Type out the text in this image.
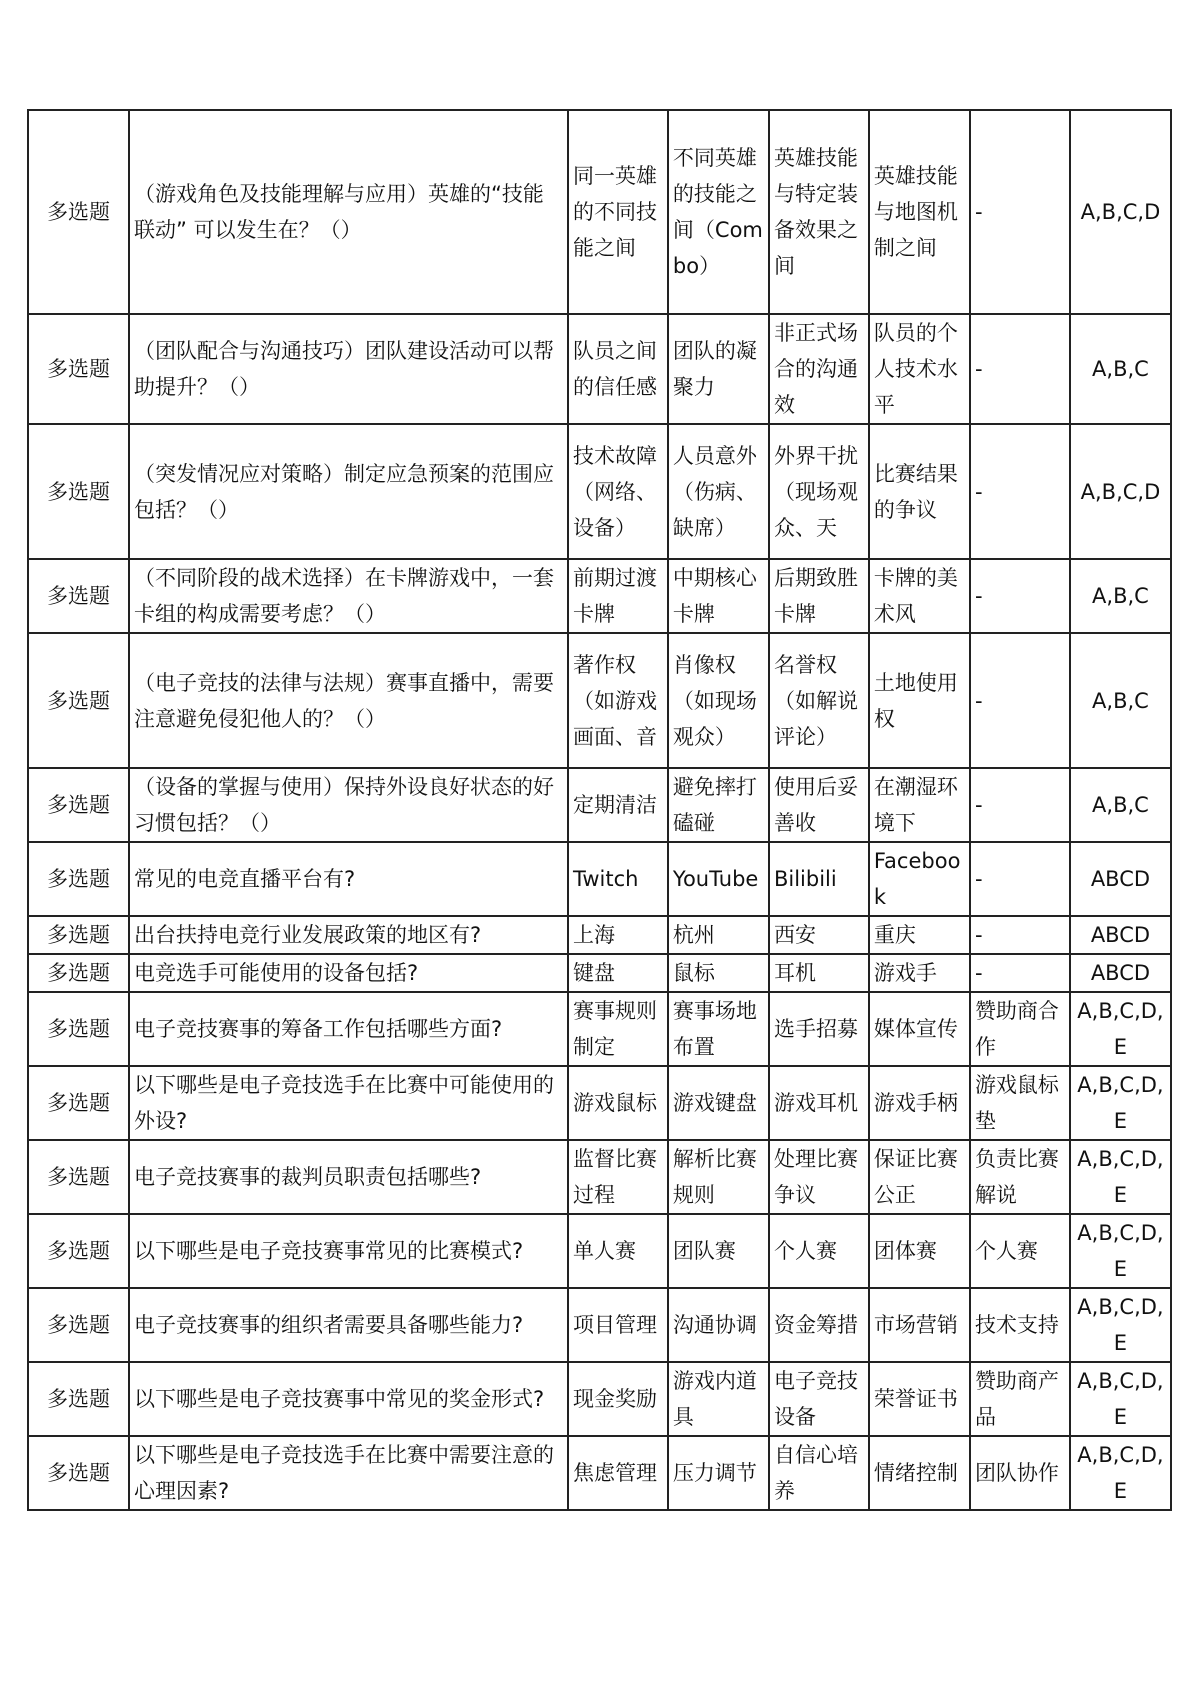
多选题	（游戏角色及技能理解与应用）英雄的“技能联动” 可以发生在？（）	同一英雄的不同技能之间	不同英雄的技能之间（Combo）	英雄技能与特定装备效果之间	英雄技能与地图机制之间	-	A,B,C,D
多选题	（团队配合与沟通技巧）团队建设活动可以帮助提升？（）	队员之间的信任感	团队的凝聚力	非正式场合的沟通效	队员的个人技术水平	-	A,B,C
多选题	（突发情况应对策略）制定应急预案的范围应包括？（）	技术故障（网络、设备）	人员意外（伤病、缺席）	外界干扰（现场观众、天	比赛结果的争议	-	A,B,C,D
多选题	（不同阶段的战术选择）在卡牌游戏中，一套卡组的构成需要考虑？（）	前期过渡卡牌	中期核心卡牌	后期致胜卡牌	卡牌的美术风	-	A,B,C
多选题	（电子竞技的法律与法规）赛事直播中，需要注意避免侵犯他人的？（）	著作权（如游戏画面、音	肖像权（如现场观众）	名誉权（如解说评论）	土地使用权	-	A,B,C
多选题	（设备的掌握与使用）保持外设良好状态的好习惯包括？（）	定期清洁	避免摔打磕碰	使用后妥善收	在潮湿环境下	-	A,B,C
多选题	常见的电竞直播平台有?	Twitch	YouTube	Bilibili	Facebook	-	ABCD
多选题	出台扶持电竞行业发展政策的地区有?	上海	杭州	西安	重庆	-	ABCD
多选题	电竞选手可能使用的设备包括?	键盘	鼠标	耳机	游戏手	-	ABCD
多选题	电子竞技赛事的筹备工作包括哪些方面?	赛事规则制定	赛事场地布置	选手招募	媒体宣传	赞助商合作	A,B,C,D,E
多选题	以下哪些是电子竞技选手在比赛中可能使用的外设?	游戏鼠标	游戏键盘	游戏耳机	游戏手柄	游戏鼠标垫	A,B,C,D,E
多选题	电子竞技赛事的裁判员职责包括哪些?	监督比赛过程	解析比赛规则	处理比赛争议	保证比赛公正	负责比赛解说	A,B,C,D,E
多选题	以下哪些是电子竞技赛事常见的比赛模式?	单人赛	团队赛	个人赛	团体赛	个人赛	A,B,C,D,E
多选题	电子竞技赛事的组织者需要具备哪些能力?	项目管理	沟通协调	资金筹措	市场营销	技术支持	A,B,C,D,E
多选题	以下哪些是电子竞技赛事中常见的奖金形式?	现金奖励	游戏内道具	电子竞技设备	荣誉证书	赞助商产品	A,B,C,D,E
多选题	以下哪些是电子竞技选手在比赛中需要注意的心理因素?	焦虑管理	压力调节	自信心培养	情绪控制	团队协作	A,B,C,D,E
